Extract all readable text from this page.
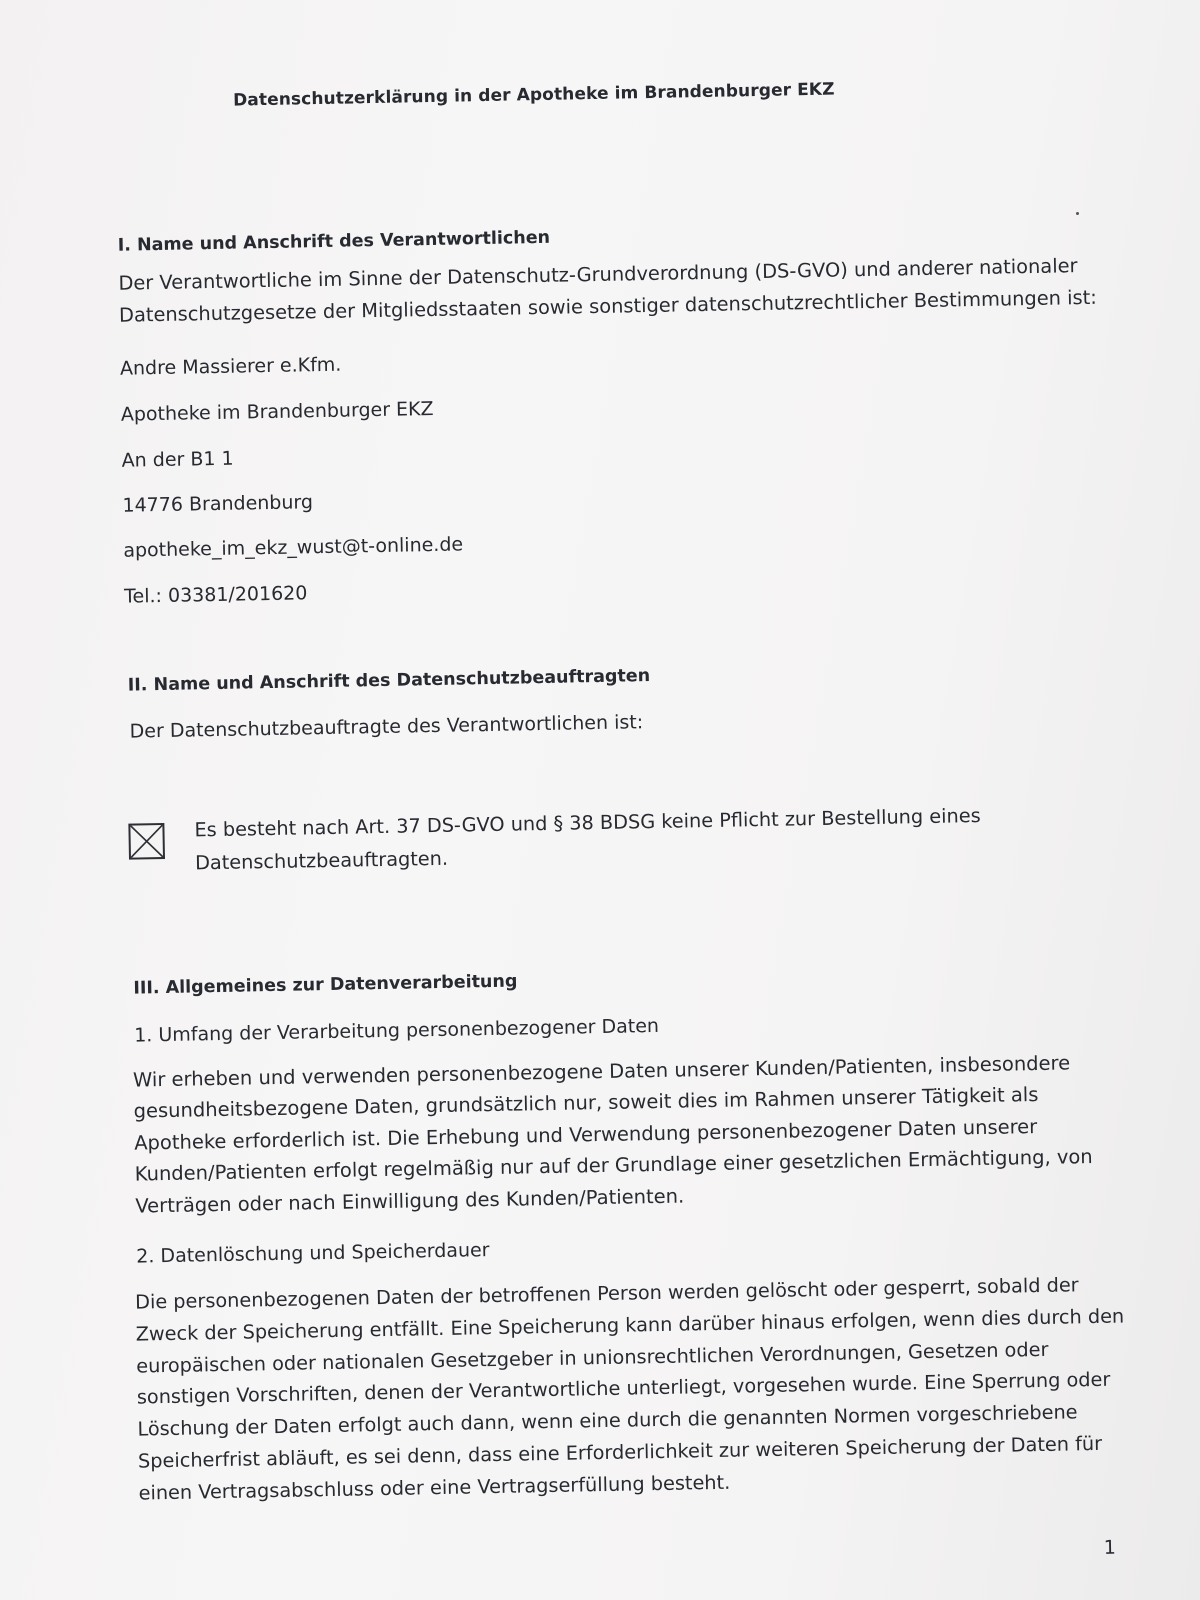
Datenschutzerklärung in der Apotheke im Brandenburger EKZ

I. Name und Anschrift des Verantwortlichen

Der Verantwortliche im Sinne der Datenschutz-Grundverordnung (DS-GVO) und anderer nationaler
Datenschutzgesetze der Mitgliedsstaaten sowie sonstiger datenschutzrechtlicher Bestimmungen ist:

Andre Massierer e.Kfm.

Apotheke im Brandenburger EKZ

An der B1 1

14776 Brandenburg

apotheke_im_ekz_wust@t-online.de

Tel.: 03381/201620

II. Name und Anschrift des Datenschutzbeauftragten

Der Datenschutzbeauftragte des Verantwortlichen ist:

Es besteht nach Art. 37 DS-GVO und § 38 BDSG keine Pflicht zur Bestellung eines
Datenschutzbeauftragten.

III. Allgemeines zur Datenverarbeitung

1. Umfang der Verarbeitung personenbezogener Daten

Wir erheben und verwenden personenbezogene Daten unserer Kunden/Patienten, insbesondere
gesundheitsbezogene Daten, grundsätzlich nur, soweit dies im Rahmen unserer Tätigkeit als
Apotheke erforderlich ist. Die Erhebung und Verwendung personenbezogener Daten unserer
Kunden/Patienten erfolgt regelmäßig nur auf der Grundlage einer gesetzlichen Ermächtigung, von
Verträgen oder nach Einwilligung des Kunden/Patienten.

2. Datenlöschung und Speicherdauer

Die personenbezogenen Daten der betroffenen Person werden gelöscht oder gesperrt, sobald der
Zweck der Speicherung entfällt. Eine Speicherung kann darüber hinaus erfolgen, wenn dies durch den
europäischen oder nationalen Gesetzgeber in unionsrechtlichen Verordnungen, Gesetzen oder
sonstigen Vorschriften, denen der Verantwortliche unterliegt, vorgesehen wurde. Eine Sperrung oder
Löschung der Daten erfolgt auch dann, wenn eine durch die genannten Normen vorgeschriebene
Speicherfrist abläuft, es sei denn, dass eine Erforderlichkeit zur weiteren Speicherung der Daten für
einen Vertragsabschluss oder eine Vertragserfüllung besteht.

1
